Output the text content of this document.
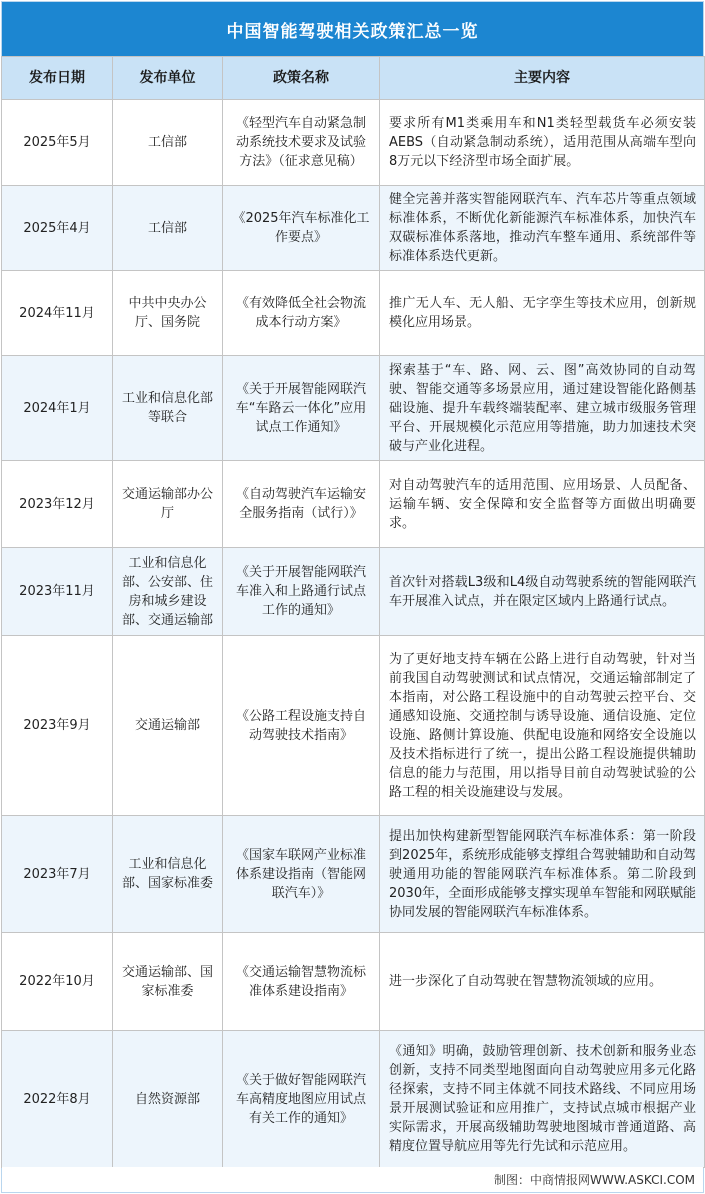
中国智能驾驶相关政策汇总一览
发布日期	发布单位	政策名称	主要内容
2025年5月	工信部	《轻型汽车自动紧急制动系统技术要求及试验方法》（征求意见稿）	要求所有M1类乘用车和N1类轻型载货车必须安装AEBS（自动紧急制动系统），适用范围从高端车型向8万元以下经济型市场全面扩展。
2025年4月	工信部	《2025年汽车标准化工作要点》	健全完善并落实智能网联汽车、汽车芯片等重点领域标准体系，不断优化新能源汽车标准体系，加快汽车双碳标准体系落地，推动汽车整车通用、系统部件等标准体系迭代更新。
2024年11月	中共中央办公厅、国务院	《有效降低全社会物流成本行动方案》	推广无人车、无人船、无字孪生等技术应用，创新规模化应用场景。
2024年1月	工业和信息化部等联合	《关于开展智能网联汽车“车路云一体化”应用试点工作通知》	探索基于“车、路、网、云、图”高效协同的自动驾驶、智能交通等多场景应用，通过建设智能化路侧基础设施、提升车载终端装配率、建立城市级服务管理平台、开展规模化示范应用等措施，助力加速技术突破与产业化进程。
2023年12月	交通运输部办公厅	《自动驾驶汽车运输安全服务指南（试行）》	对自动驾驶汽车的适用范围、应用场景、人员配备、运输车辆、安全保障和安全监督等方面做出明确要求。
2023年11月	工业和信息化部、公安部、住房和城乡建设部、交通运输部	《关于开展智能网联汽车准入和上路通行试点工作的通知》	首次针对搭载L3级和L4级自动驾驶系统的智能网联汽车开展准入试点，并在限定区域内上路通行试点。
2023年9月	交通运输部	《公路工程设施支持自动驾驶技术指南》	为了更好地支持车辆在公路上进行自动驾驶，针对当前我国自动驾驶测试和试点情况，交通运输部制定了本指南，对公路工程设施中的自动驾驶云控平台、交通感知设施、交通控制与诱导设施、通信设施、定位设施、路侧计算设施、供配电设施和网络安全设施以及技术指标进行了统一，提出公路工程设施提供辅助信息的能力与范围，用以指导目前自动驾驶试验的公路工程的相关设施建设与发展。
2023年7月	工业和信息化部、国家标准委	《国家车联网产业标准体系建设指南（智能网联汽车）》	提出加快构建新型智能网联汽车标准体系：第一阶段到2025年，系统形成能够支撑组合驾驶辅助和自动驾驶通用功能的智能网联汽车标准体系。第二阶段到2030年，全面形成能够支撑实现单车智能和网联赋能协同发展的智能网联汽车标准体系。
2022年10月	交通运输部、国家标准委	《交通运输智慧物流标准体系建设指南》	进一步深化了自动驾驶在智慧物流领域的应用。
2022年8月	自然资源部	《关于做好智能网联汽车高精度地图应用试点有关工作的通知》	《通知》明确，鼓励管理创新、技术创新和服务业态创新，支持不同类型地图面向自动驾驶应用多元化路径探索，支持不同主体就不同技术路线、不同应用场景开展测试验证和应用推广，支持试点城市根据产业实际需求，开展高级辅助驾驶地图城市普通道路、高精度位置导航应用等先行先试和示范应用。
制图：中商情报网WWW.ASKCI.COM
